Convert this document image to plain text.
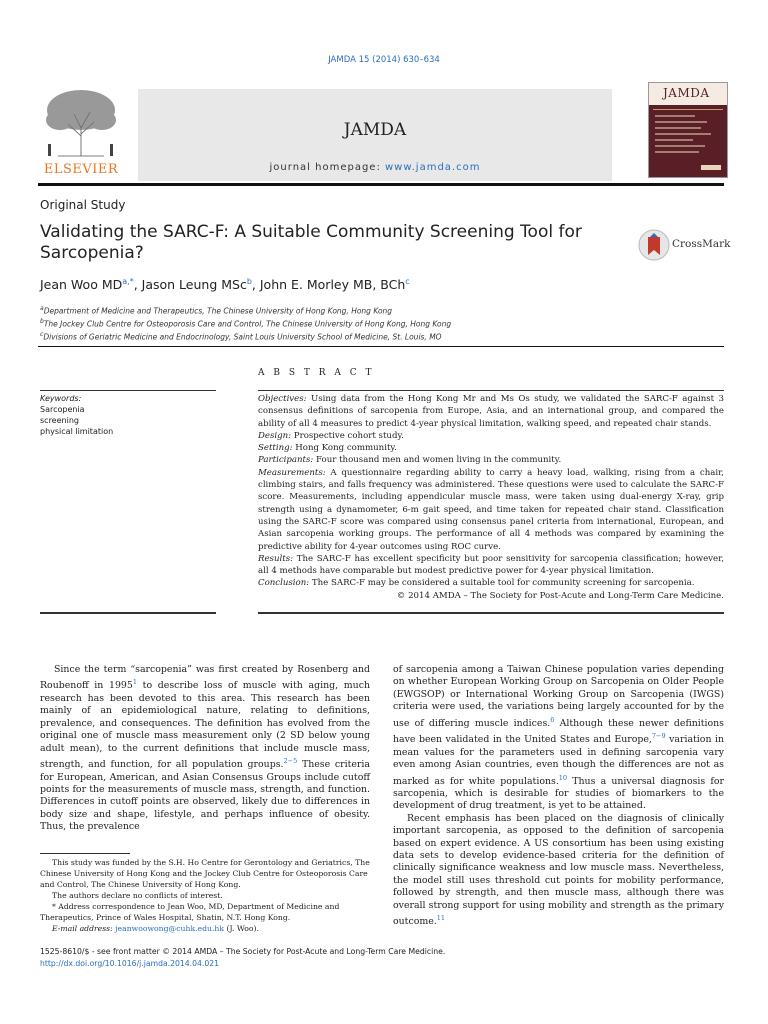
JAMDA 15 (2014) 630–634
ELSEVIER
JAMDA
journal homepage: www.jamda.com
JAMDA
Original Study
Validating the SARC-F: A Suitable Community Screening Tool for Sarcopenia?	CrossMark
Jean Woo $MD^{a,*}$, Jason Leung MSc$^b$, John E. Morley MB, BCh$^c$
$^a$Department of Medicine and Therapeutics, The Chinese University of Hong Kong, Hong Kong
$^b$The Jockey Club Centre for Osteoporosis Care and Control, The Chinese University of Hong Kong, Hong Kong
$^c$Divisions of Geriatric Medicine and Endocrinology, Saint Louis University School of Medicine, St. Louis, MO
A B S T R A C T
Keywords:
Sarcopenia
screening
physical limitation
Objectives: Using data from the Hong Kong Mr and Ms Os study, we validated the SARC-F against 3 consensus definitions of sarcopenia from Europe, Asia, and an international group, and compared the ability of all 4 measures to predict 4-year physical limitation, walking speed, and repeated chair stands.
Design: Prospective cohort study.
Setting: Hong Kong community.
Participants: Four thousand men and women living in the community.
Measurements: A questionnaire regarding ability to carry a heavy load, walking, rising from a chair, climbing stairs, and falls frequency was administered. These questions were used to calculate the SARC-F score. Measurements, including appendicular muscle mass, were taken using dual-energy X-ray, grip strength using a dynamometer, 6-m gait speed, and time taken for repeated chair stand. Classification using the SARC-F score was compared using consensus panel criteria from international, European, and Asian sarcopenia working groups. The performance of all 4 methods was compared by examining the predictive ability for 4-year outcomes using ROC curve.
Results: The SARC-F has excellent specificity but poor sensitivity for sarcopenia classification; however, all 4 methods have comparable but modest predictive power for 4-year physical limitation.
Conclusion: The SARC-F may be considered a suitable tool for community screening for sarcopenia.
© 2014 AMDA – The Society for Post-Acute and Long-Term Care Medicine.

Since the term “sarcopenia” was first created by Rosenberg and Roubenoff in 1995$^1$ to describe loss of muscle with aging, much research has been devoted to this area. This research has been mainly of an epidemiological nature, relating to definitions, prevalence, and consequences. The definition has evolved from the original one of muscle mass measurement only (2 SD below young adult mean), to the current definitions that include muscle mass, strength, and function, for all population groups.$^{2-5}$ These criteria for European, American, and Asian Consensus Groups include cutoff points for the measurements of muscle mass, strength, and function. Differences in cutoff points are observed, likely due to differences in body size and shape, lifestyle, and perhaps influence of obesity. Thus, the prevalence

of sarcopenia among a Taiwan Chinese population varies depending on whether European Working Group on Sarcopenia on Older People (EWGSOP) or International Working Group on Sarcopenia (IWGS) criteria were used, the variations being largely accounted for by the use of differing muscle indices.$^6$ Although these newer definitions have been validated in the United States and Europe,$^{7-9}$ variation in mean values for the parameters used in defining sarcopenia vary even among Asian countries, even though the differences are not as marked as for white populations.$^{10}$ Thus a universal diagnosis for sarcopenia, which is desirable for studies of biomarkers to the development of drug treatment, is yet to be attained.

Recent emphasis has been placed on the diagnosis of clinically important sarcopenia, as opposed to the definition of sarcopenia based on expert evidence. A US consortium has been using existing data sets to develop evidence-based criteria for the definition of clinically significance weakness and low muscle mass. Nevertheless, the model still uses threshold cut points for mobility performance, followed by strength, and then muscle mass, although there was overall strong support for using mobility and strength as the primary outcome.$^{11}$

This study was funded by the S.H. Ho Centre for Gerontology and Geriatrics, The Chinese University of Hong Kong and the Jockey Club Centre for Osteoporosis Care and Control, The Chinese University of Hong Kong.

The authors declare no conflicts of interest.

* Address correspondence to Jean Woo, MD, Department of Medicine and Therapeutics, Prince of Wales Hospital, Shatin, N.T. Hong Kong.

E-mail address: jeanwoowong@cuhk.edu.hk (J. Woo).

1525-8610/$ - see front matter © 2014 AMDA – The Society for Post-Acute and Long-Term Care Medicine.
http://dx.doi.org/10.1016/j.jamda.2014.04.021
